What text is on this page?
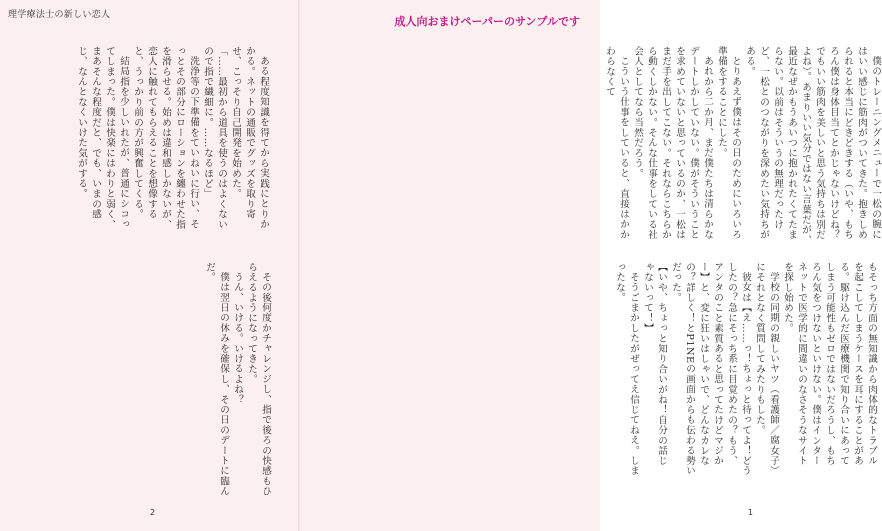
理学療法士の新しい恋人

ある程度知識を得てから実践にとりかかる。ネットの通販でグッズを取り寄せ、こっそり自己開発を始めた。

「……最初から道具を使うのはよくないので指で繊細に。……なるほど」

洗浄等の下準備をていねいに行い、そっとその部分にローションを纏わせた指を滑らせる。始めは違和感しかないが、恋人に触れてもらえることを想像すると、うっかり前の方が興奮してくる。

結局指を少しいれたが、普通にシコってしまった。僕は快楽にはわりと弱く、まあそんな程度だと、でも、いまの感じ、なんとなくいけた気がする。

その後何度かチャレンジし、指で後ろの快感もひらえるようになってきた。

うん、いける。いけるよね？

僕は翌日の休みを確保し、その日のデートに臨んだ。

2
成人向おまけペーパーのサンプルです

僕のトレーニングメニューで一松の腕にはいい感じに筋肉がついてきた。抱きしめられると本当にどきどきする（いや、もちろん僕は身体目当てとかじゃないけどね？　でもいい筋肉を美しいと思う気持ちは別だよね）。あまりいい気分ではない言葉だが、最近なぜかもうあいつに抱かれたくてたまらない。以前はそういうの無理だったけど、一松とのつながりを深めたい気持ちがある。

とりあえず僕はその日のためにいろいろ準備をすることにした。

あれから二か月、まだ僕たちは清らかなデートしかしていない。僕がそういうことを求めていないと思っているのか、一松はまだ手を出してこない。それならこちらから動くしかない。そんな仕事をしている社会人としてなら当然だろう。

こういう仕事をしていると、直接はかかわらなくて

もそっち方面の無知識から肉体的なトラブルを起こしてしまうケースを耳にすることがある。駆け込んだ医療機関で知り合いにあってしまう可能性もゼロではないだろうし、もちろん気をつけないといけない。僕はインターネットで医学的に間違いのなさそうなサイトを探し始めた。

学校の同期の親しいヤツ（看護師／腐女子）にそれとなく質問してみたりもした。

彼女は【え……っ！ちょっと待ってよ！どうしたの？急にそっち系に目覚めたの？もう、アンタのこと素質あると思ってたけどマジかー】と、変に狂いはしゃいで、どんなカレなの？詳しく！とP1NEの画面からも伝わる勢いだった。

【いや、ちょっと知り合いがね！自分の話じゃないって！】

そうごまかしたがぜってえ信じてねえ。しまったな。

1
